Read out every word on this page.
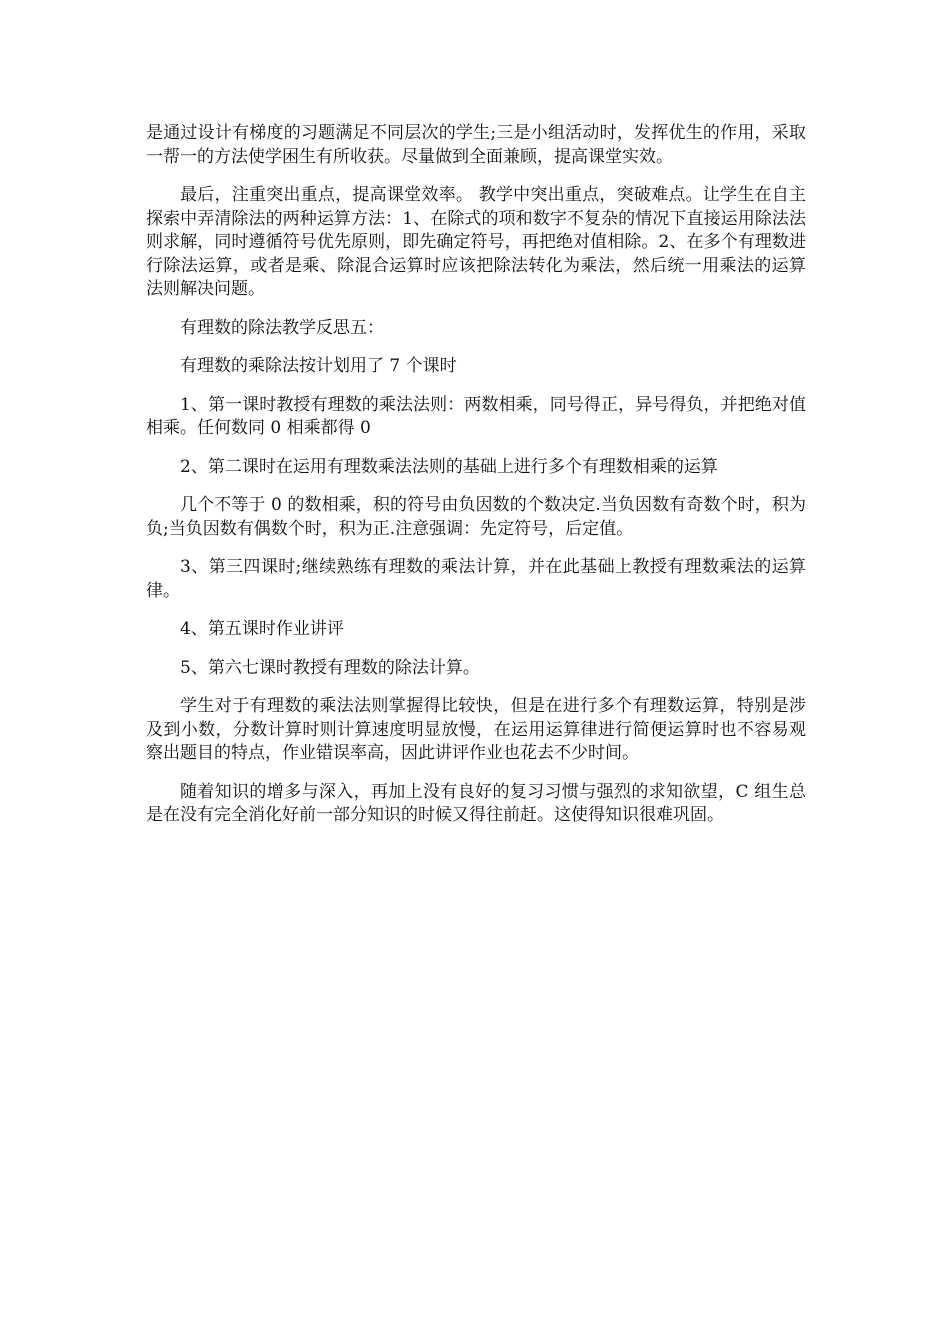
是通过设计有梯度的习题满足不同层次的学生;三是小组活动时，发挥优生的作用，采取一帮一的方法使学困生有所收获。尽量做到全面兼顾，提高课堂实效。

最后，注重突出重点，提高课堂效率。 教学中突出重点，突破难点。让学生在自主探索中弄清除法的两种运算方法：1、在除式的项和数字不复杂的情况下直接运用除法法则求解，同时遵循符号优先原则，即先确定符号，再把绝对值相除。2、在多个有理数进行除法运算，或者是乘、除混合运算时应该把除法转化为乘法，然后统一用乘法的运算法则解决问题。

有理数的除法教学反思五：

有理数的乘除法按计划用了 7 个课时

1、第一课时教授有理数的乘法法则：两数相乘，同号得正，异号得负，并把绝对值相乘。任何数同 0 相乘都得 0

2、第二课时在运用有理数乘法法则的基础上进行多个有理数相乘的运算

几个不等于 0 的数相乘，积的符号由负因数的个数决定.当负因数有奇数个时，积为负;当负因数有偶数个时，积为正.注意强调：先定符号，后定值。

3、第三四课时;继续熟练有理数的乘法计算，并在此基础上教授有理数乘法的运算律。

4、第五课时作业讲评

5、第六七课时教授有理数的除法计算。

学生对于有理数的乘法法则掌握得比较快，但是在进行多个有理数运算，特别是涉及到小数，分数计算时则计算速度明显放慢，在运用运算律进行简便运算时也不容易观察出题目的特点，作业错误率高，因此讲评作业也花去不少时间。

随着知识的增多与深入，再加上没有良好的复习习惯与强烈的求知欲望，C 组生总是在没有完全消化好前一部分知识的时候又得往前赶。这使得知识很难巩固。
